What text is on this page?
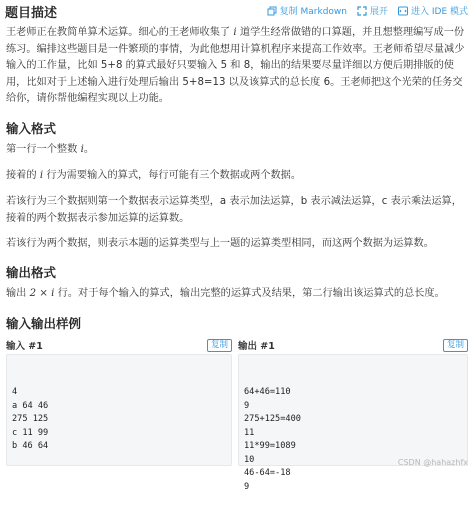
题目描述	复制 Markdown	展开	进入 IDE 模式
王老师正在教简单算术运算。细心的王老师收集了 i 道学生经常做错的口算题，并且想整理编写成一份练习。编排这些题目是一件繁琐的事情，为此他想用计算机程序来提高工作效率。王老师希望尽量减少输入的工作量，比如 5+8 的算式最好只要输入 5 和 8，输出的结果要尽量详细以方便后期排版的使用，比如对于上述输入进行处理后输出 5+8=13 以及该算式的总长度 6。王老师把这个光荣的任务交给你，请你帮他编程实现以上功能。
输入格式
第一行一个整数 i。
接着的 i 行为需要输入的算式，每行可能有三个数据或两个数据。
若该行为三个数据则第一个数据表示运算类型，a 表示加法运算，b 表示减法运算，c 表示乘法运算，接着的两个数据表示参加运算的运算数。
若该行为两个数据，则表示本题的运算类型与上一题的运算类型相同，而这两个数据为运算数。
输出格式
输出 2 × i 行。对于每个输入的算式，输出完整的运算式及结果，第二行输出该运算式的总长度。
输入输出样例
输入 #1	复制

4
a 64 46
275 125
c 11 99
b 46 64

输出 #1	复制

64+46=110
9
275+125=400
11
11*99=1089
10
46-64=-18
9

CSDN @hahazhfx
